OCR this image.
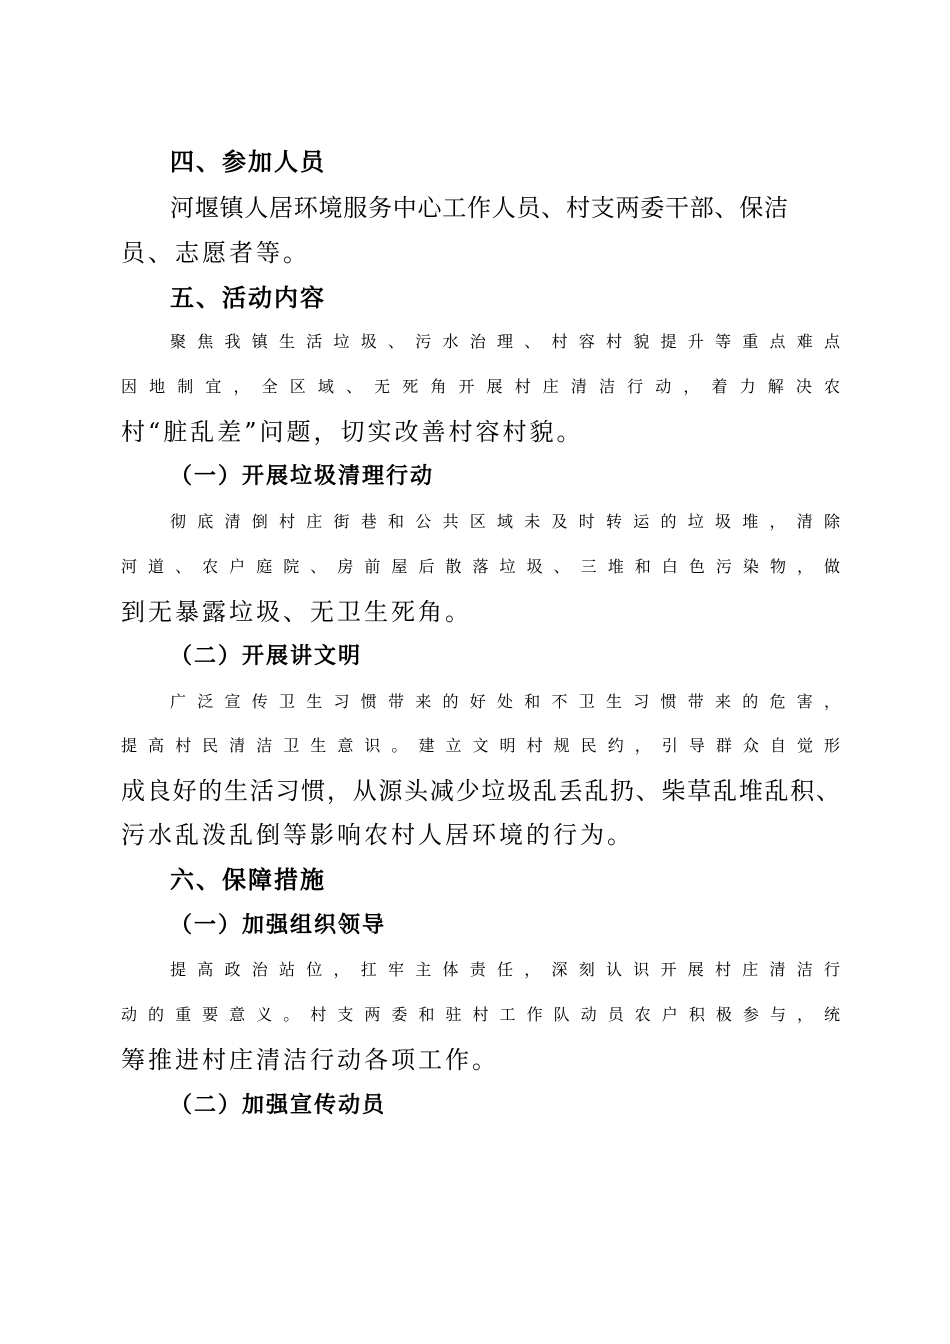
四、参加人员
河堰镇人居环境服务中心工作人员、村支两委干部、保洁
员、志愿者等。
五、活动内容
聚焦我镇生活垃圾、污水治理、村容村貌提升等重点难点
因地制宜，全区域、无死角开展村庄清洁行动，着力解决农
村“脏乱差”问题，切实改善村容村貌。
（一）开展垃圾清理行动
彻底清倒村庄街巷和公共区域未及时转运的垃圾堆，清除
河道、农户庭院、房前屋后散落垃圾、三堆和白色污染物，做
到无暴露垃圾、无卫生死角。
（二）开展讲文明
广泛宣传卫生习惯带来的好处和不卫生习惯带来的危害，
提高村民清洁卫生意识。建立文明村规民约，引导群众自觉形
成良好的生活习惯，从源头减少垃圾乱丢乱扔、柴草乱堆乱积、
污水乱泼乱倒等影响农村人居环境的行为。
六、保障措施
（一）加强组织领导
提高政治站位，扛牢主体责任，深刻认识开展村庄清洁行
动的重要意义。村支两委和驻村工作队动员农户积极参与，统
筹推进村庄清洁行动各项工作。
（二）加强宣传动员
